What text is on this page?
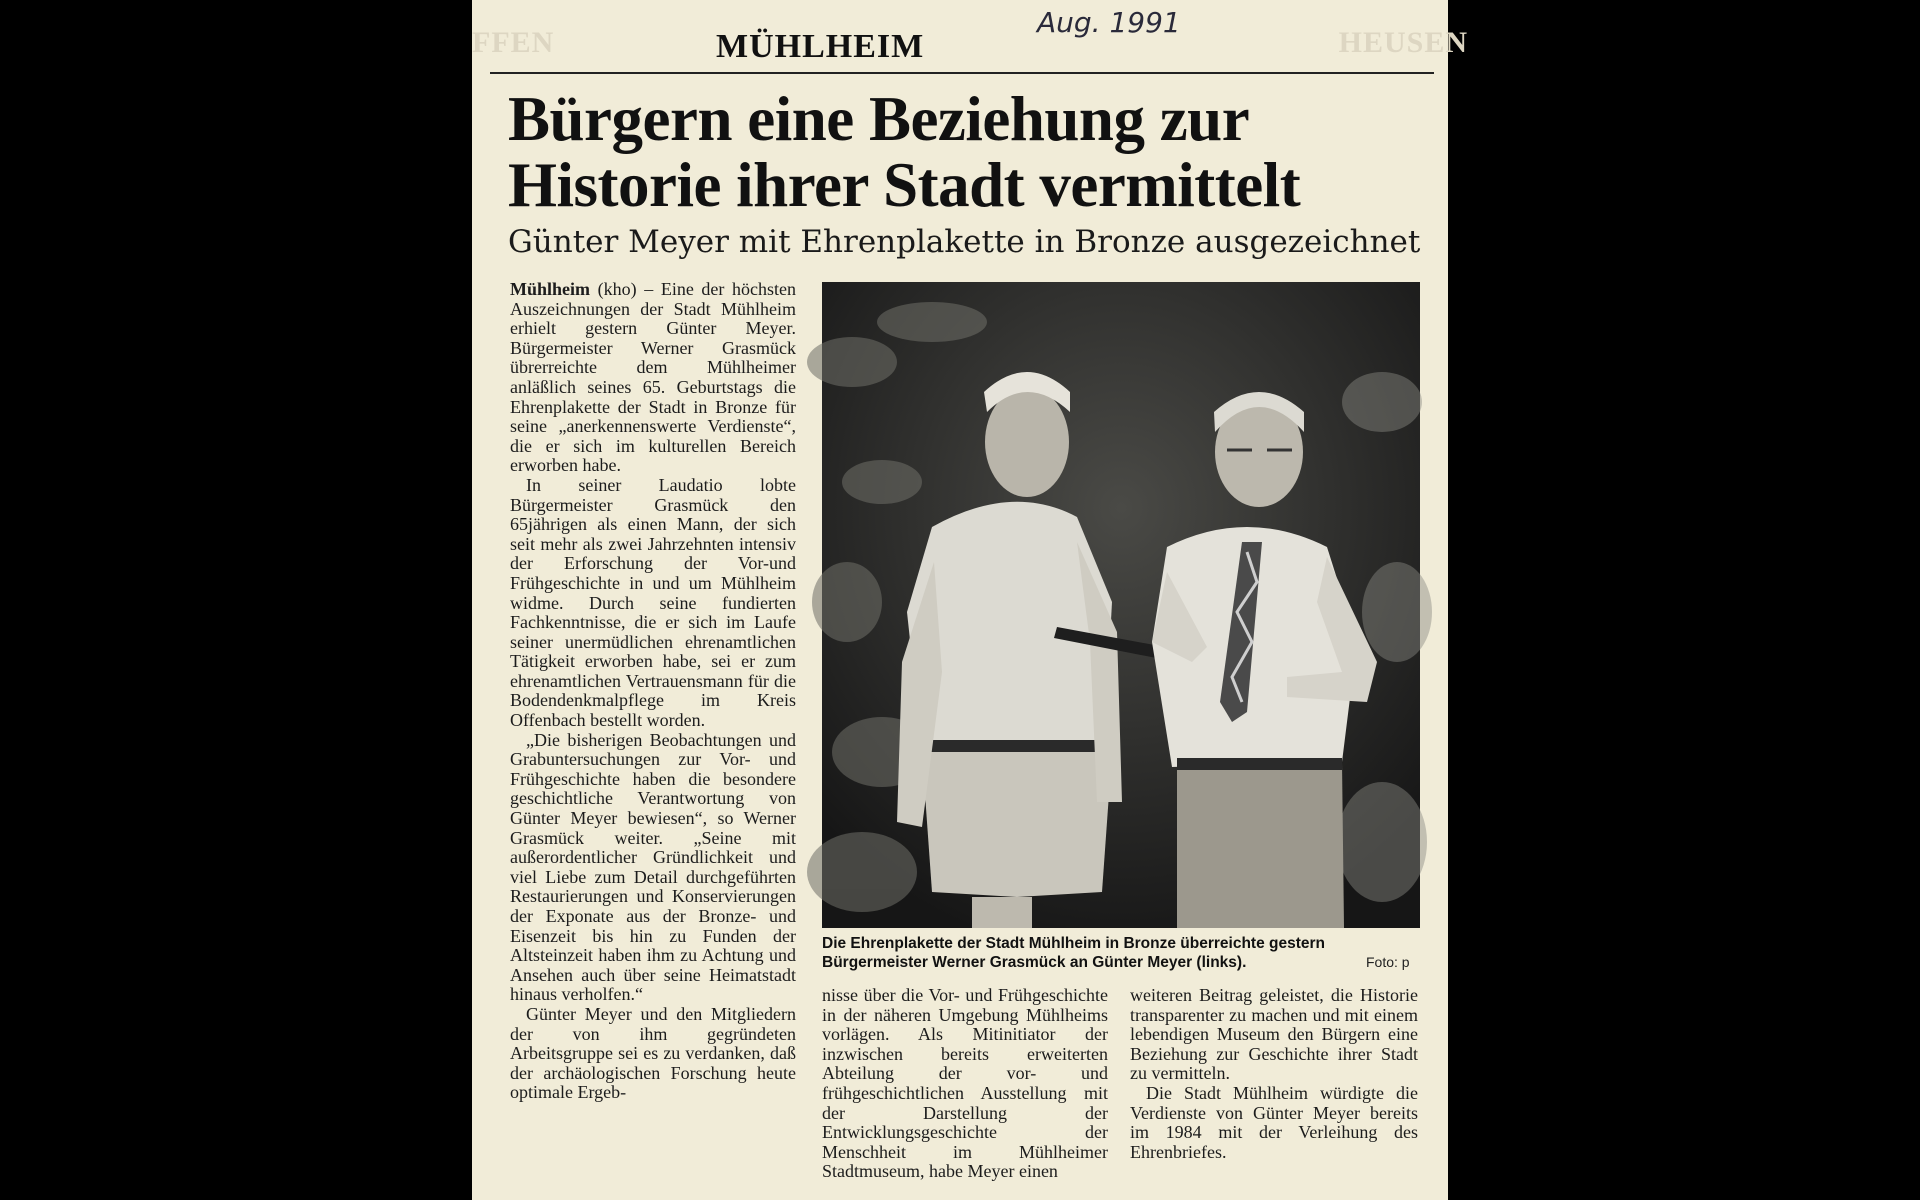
FFEN	HEUSEN
MÜHLHEIM
Aug. 1991
Bürgern eine Beziehung zur
Historie ihrer Stadt vermittelt
Günter Meyer mit Ehrenplakette in Bronze ausgezeichnet

Mühlheim (kho) – Eine der höchsten Auszeichnungen der Stadt Mühlheim erhielt gestern Günter Meyer. Bürgermeister Werner Grasmück übrerreichte dem Mühlheimer anläßlich seines 65. Geburtstags die Ehrenplakette der Stadt in Bronze für seine „anerkennenswerte Verdienste“, die er sich im kulturellen Bereich erworben habe.

In seiner Laudatio lobte Bürgermeister Grasmück den 65jährigen als einen Mann, der sich seit mehr als zwei Jahrzehnten intensiv der Erforschung der Vor-und Frühgeschichte in und um Mühlheim widme. Durch seine fundierten Fachkenntnisse, die er sich im Laufe seiner unermüdlichen ehrenamtlichen Tätigkeit erworben habe, sei er zum ehrenamtlichen Vertrauensmann für die Bodendenkmalpflege im Kreis Offenbach bestellt worden.

„Die bisherigen Beobachtungen und Grabuntersuchungen zur Vor- und Frühgeschichte haben die besondere geschichtliche Verantwortung von Günter Meyer bewiesen“, so Werner Grasmück weiter. „Seine mit außerordentlicher Gründlichkeit und viel Liebe zum Detail durchgeführten Restaurierungen und Konservierungen der Exponate aus der Bronze- und Eisenzeit bis hin zu Funden der Altsteinzeit haben ihm zu Achtung und Ansehen auch über seine Heimatstadt hinaus verholfen.“

Günter Meyer und den Mitgliedern der von ihm gegründeten Arbeitsgruppe sei es zu verdanken, daß der archäologischen Forschung heute optimale Ergeb-

Die Ehrenplakette der Stadt Mühlheim in Bronze überreichte gestern Bürgermeister Werner Grasmück an Günter Meyer (links).	Foto: p

nisse über die Vor- und Frühgeschichte in der näheren Umgebung Mühlheims vorlägen. Als Mitinitiator der inzwischen bereits erweiterten Abteilung der vor- und frühgeschichtlichen Ausstellung mit der Darstellung der Entwicklungsgeschichte der Menschheit im Mühlheimer Stadtmuseum, habe Meyer einen

weiteren Beitrag geleistet, die Historie transparenter zu machen und mit einem lebendigen Museum den Bürgern eine Beziehung zur Geschichte ihrer Stadt zu vermitteln.

Die Stadt Mühlheim würdigte die Verdienste von Günter Meyer bereits im 1984 mit der Verleihung des Ehrenbriefes.
